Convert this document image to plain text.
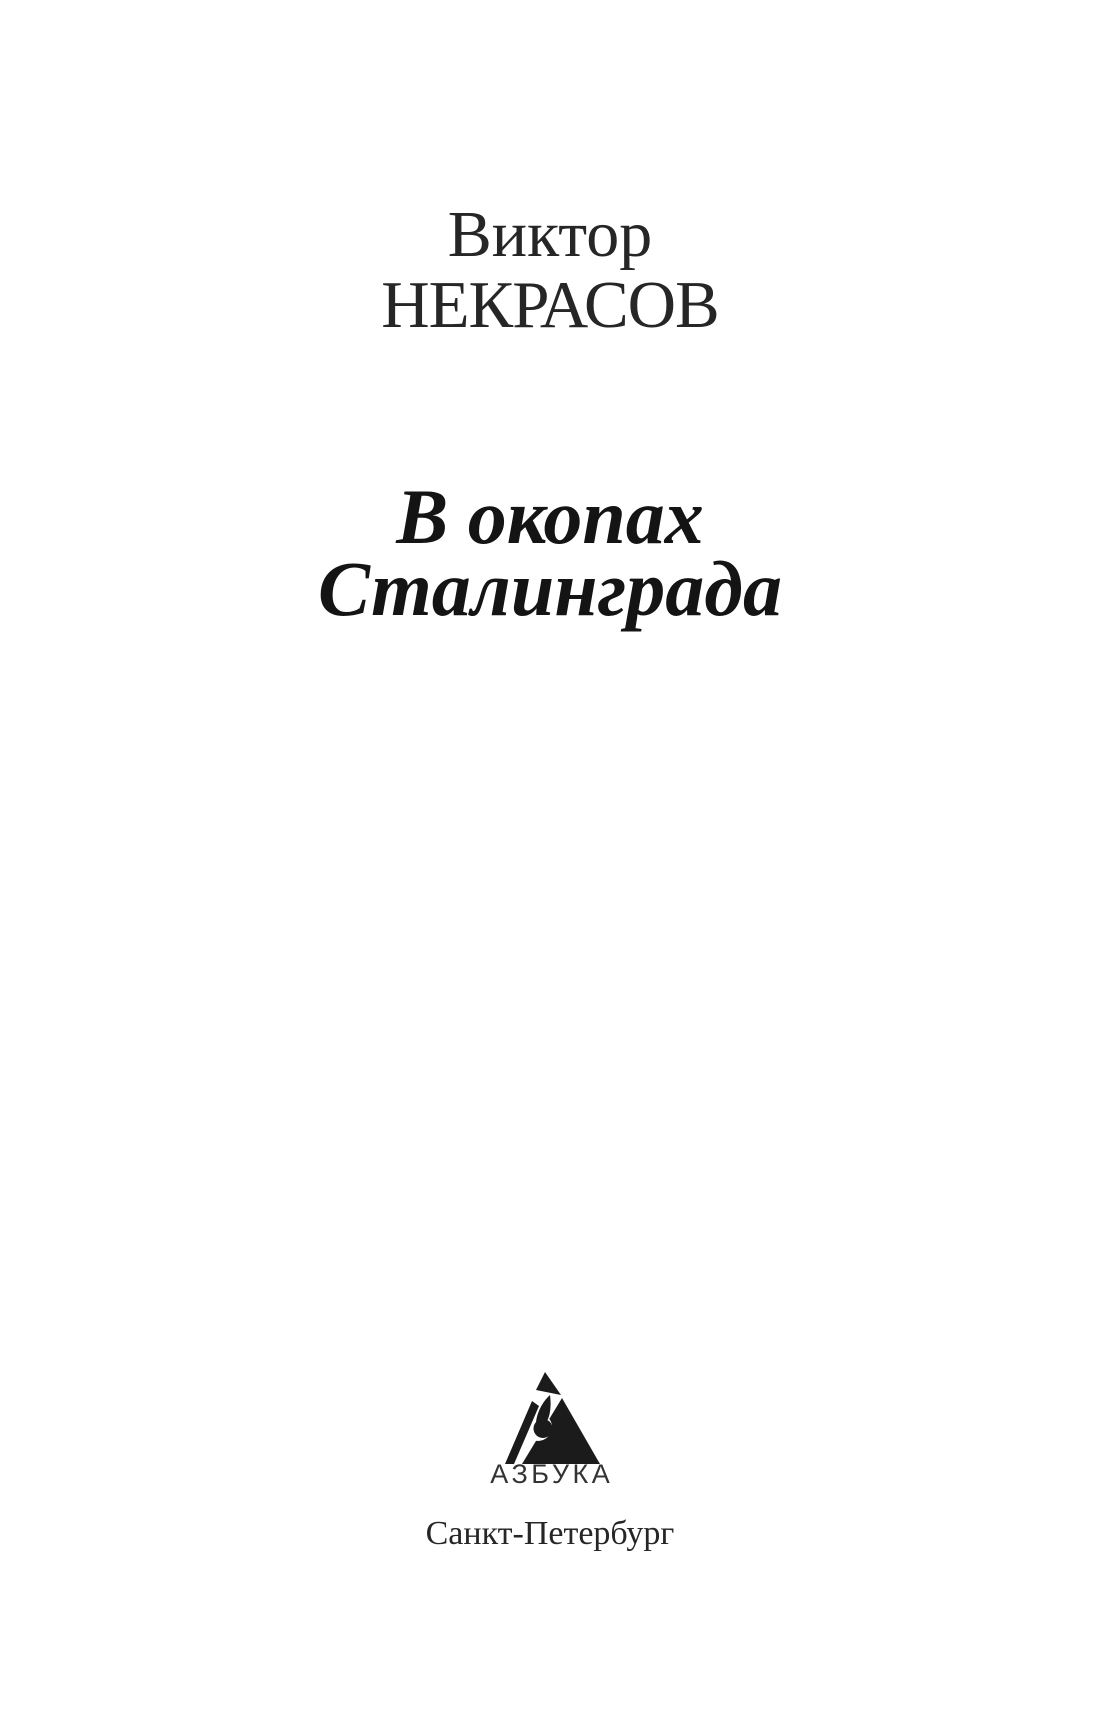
Виктор
НЕКРАСОВ
В окопах
Сталинграда
АЗБУКА
Санкт-Петербург
